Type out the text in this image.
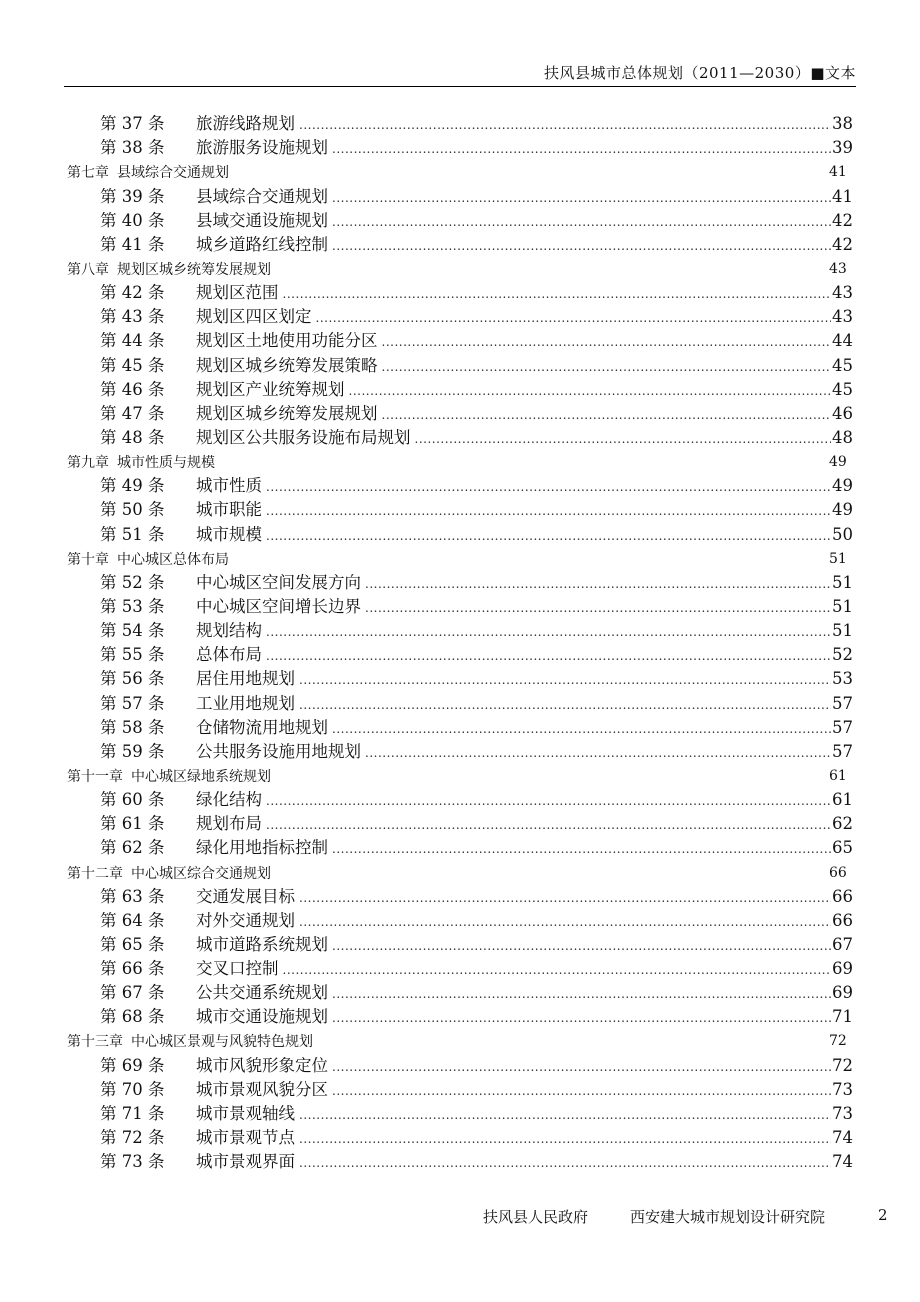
扶风县城市总体规划（2011—2030）■文本
第 37 条	旅游线路规划 .....	38
第 38 条	旅游服务设施规划 .....	39
第七章 县域综合交通规划	41
第 39 条	县域综合交通规划 .....	41
第 40 条	县域交通设施规划 .....	42
第 41 条	城乡道路红线控制 .....	42
第八章 规划区城乡统筹发展规划	43
第 42 条	规划区范围 .....	43
第 43 条	规划区四区划定 .....	43
第 44 条	规划区土地使用功能分区 .....	44
第 45 条	规划区城乡统筹发展策略 .....	45
第 46 条	规划区产业统筹规划 .....	45
第 47 条	规划区城乡统筹发展规划 .....	46
第 48 条	规划区公共服务设施布局规划 .....	48
第九章 城市性质与规模	49
第 49 条	城市性质 .....	49
第 50 条	城市职能 .....	49
第 51 条	城市规模 .....	50
第十章 中心城区总体布局	51
第 52 条	中心城区空间发展方向 .....	51
第 53 条	中心城区空间增长边界 .....	51
第 54 条	规划结构 .....	51
第 55 条	总体布局 .....	52
第 56 条	居住用地规划 .....	53
第 57 条	工业用地规划 .....	57
第 58 条	仓储物流用地规划 .....	57
第 59 条	公共服务设施用地规划 .....	57
第十一章 中心城区绿地系统规划	61
第 60 条	绿化结构 .....	61
第 61 条	规划布局 .....	62
第 62 条	绿化用地指标控制 .....	65
第十二章 中心城区综合交通规划	66
第 63 条	交通发展目标 .....	66
第 64 条	对外交通规划 .....	66
第 65 条	城市道路系统规划 .....	67
第 66 条	交叉口控制 .....	69
第 67 条	公共交通系统规划 .....	69
第 68 条	城市交通设施规划 .....	71
第十三章 中心城区景观与风貌特色规划	72
第 69 条	城市风貌形象定位 .....	72
第 70 条	城市景观风貌分区 .....	73
第 71 条	城市景观轴线 .....	73
第 72 条	城市景观节点 .....	74
第 73 条	城市景观界面 .....	74
扶风县人民政府	西安建大城市规划设计研究院	2
